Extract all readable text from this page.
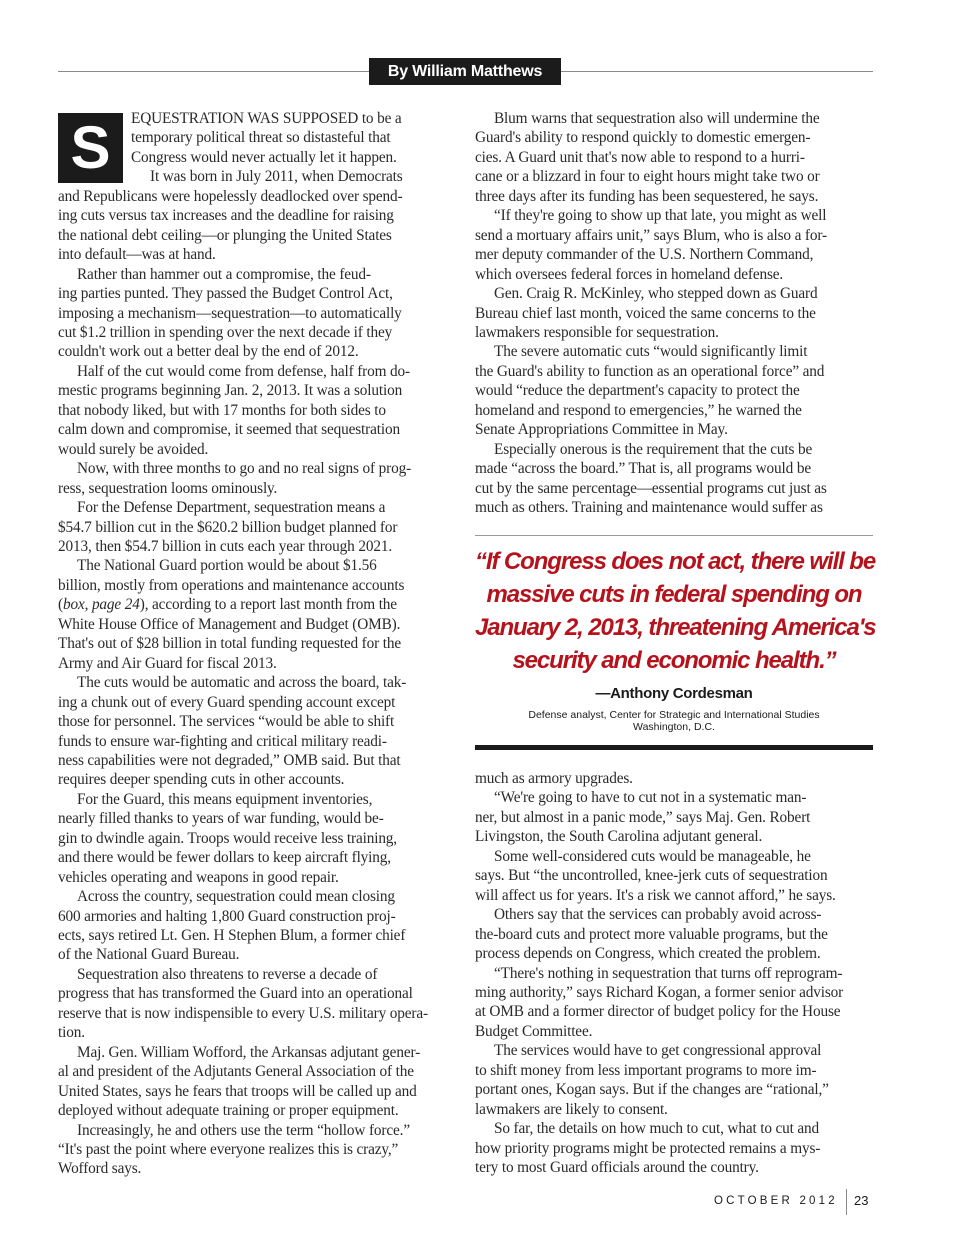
By William Matthews
S	EQUESTRATION WAS SUPPOSED to be a

temporary political threat so distasteful that

Congress would never actually let it happen.

It was born in July 2011, when Democrats

and Republicans were hopelessly deadlocked over spend-

ing cuts versus tax increases and the deadline for raising

the national debt ceiling—or plunging the United States

into default—was at hand.

Rather than hammer out a compromise, the feud-

ing parties punted. They passed the Budget Control Act,

imposing a mechanism—sequestration—to automatically

cut $1.2 trillion in spending over the next decade if they

couldn't work out a better deal by the end of 2012.

Half of the cut would come from defense, half from do-

mestic programs beginning Jan. 2, 2013. It was a solution

that nobody liked, but with 17 months for both sides to

calm down and compromise, it seemed that sequestration

would surely be avoided.

Now, with three months to go and no real signs of prog-

ress, sequestration looms ominously.

For the Defense Department, sequestration means a

$54.7 billion cut in the $620.2 billion budget planned for

2013, then $54.7 billion in cuts each year through 2021.

The National Guard portion would be about $1.56

billion, mostly from operations and maintenance accounts

(box, page 24), according to a report last month from the

White House Office of Management and Budget (OMB).

That's out of $28 billion in total funding requested for the

Army and Air Guard for fiscal 2013.

The cuts would be automatic and across the board, tak-

ing a chunk out of every Guard spending account except

those for personnel. The services “would be able to shift

funds to ensure war-fighting and critical military readi-

ness capabilities were not degraded,” OMB said. But that

requires deeper spending cuts in other accounts.

For the Guard, this means equipment inventories,

nearly filled thanks to years of war funding, would be-

gin to dwindle again. Troops would receive less training,

and there would be fewer dollars to keep aircraft flying,

vehicles operating and weapons in good repair.

Across the country, sequestration could mean closing

600 armories and halting 1,800 Guard construction proj-

ects, says retired Lt. Gen. H Stephen Blum, a former chief

of the National Guard Bureau.

Sequestration also threatens to reverse a decade of

progress that has transformed the Guard into an operational

reserve that is now indispensible to every U.S. military opera-

tion.

Maj. Gen. William Wofford, the Arkansas adjutant gener-

al and president of the Adjutants General Association of the

United States, says he fears that troops will be called up and

deployed without adequate training or proper equipment.

Increasingly, he and others use the term “hollow force.”

“It's past the point where everyone realizes this is crazy,”

Wofford says.

Blum warns that sequestration also will undermine the

Guard's ability to respond quickly to domestic emergen-

cies. A Guard unit that's now able to respond to a hurri-

cane or a blizzard in four to eight hours might take two or

three days after its funding has been sequestered, he says.

“If they're going to show up that late, you might as well

send a mortuary affairs unit,” says Blum, who is also a for-

mer deputy commander of the U.S. Northern Command,

which oversees federal forces in homeland defense.

Gen. Craig R. McKinley, who stepped down as Guard

Bureau chief last month, voiced the same concerns to the

lawmakers responsible for sequestration.

The severe automatic cuts “would significantly limit

the Guard's ability to function as an operational force” and

would “reduce the department's capacity to protect the

homeland and respond to emergencies,” he warned the

Senate Appropriations Committee in May.

Especially onerous is the requirement that the cuts be

made “across the board.” That is, all programs would be

cut by the same percentage—essential programs cut just as

much as others. Training and maintenance would suffer as

“If Congress does not act, there will be
massive cuts in federal spending on
January 2, 2013, threatening America's
security and economic health.”
—Anthony Cordesman
Defense analyst, Center for Strategic and International Studies
Washington, D.C.

much as armory upgrades.

“We're going to have to cut not in a systematic man-

ner, but almost in a panic mode,” says Maj. Gen. Robert

Livingston, the South Carolina adjutant general.

Some well-considered cuts would be manageable, he

says. But “the uncontrolled, knee-jerk cuts of sequestration

will affect us for years. It's a risk we cannot afford,” he says.

Others say that the services can probably avoid across-

the-board cuts and protect more valuable programs, but the

process depends on Congress, which created the problem.

“There's nothing in sequestration that turns off reprogram-

ming authority,” says Richard Kogan, a former senior advisor

at OMB and a former director of budget policy for the House

Budget Committee.

The services would have to get congressional approval

to shift money from less important programs to more im-

portant ones, Kogan says. But if the changes are “rational,”

lawmakers are likely to consent.

So far, the details on how much to cut, what to cut and

how priority programs might be protected remains a mys-

tery to most Guard officials around the country.

OCTOBER 2012 23
